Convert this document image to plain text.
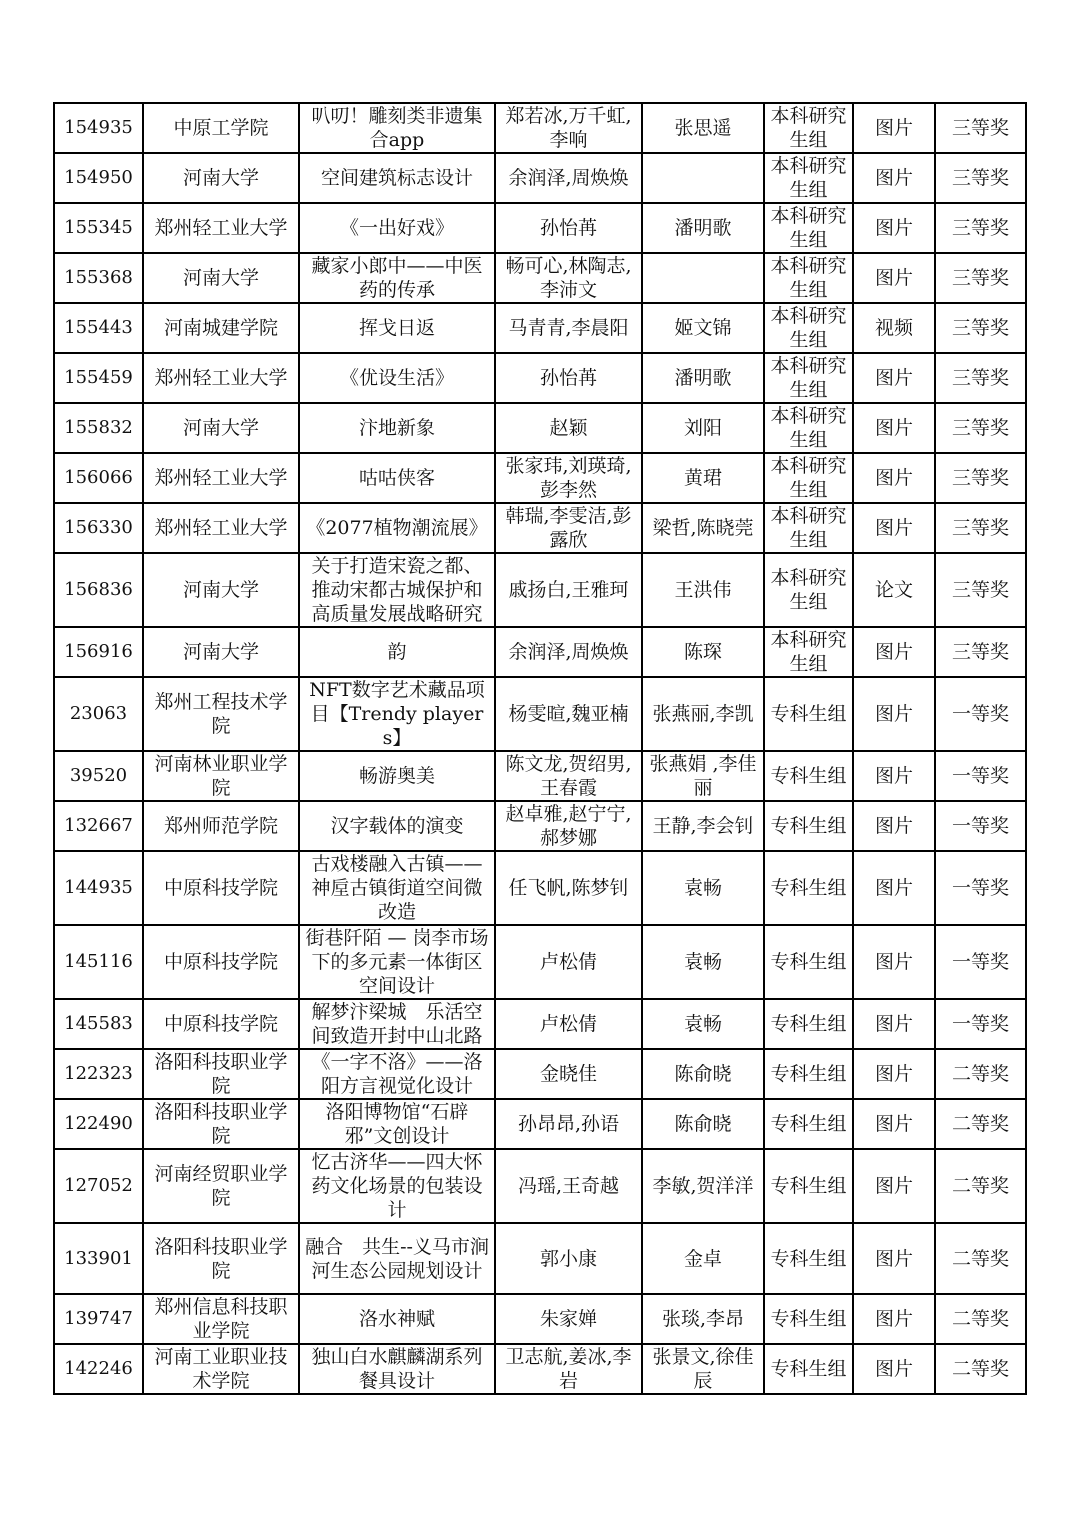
154935	中原工学院	叭叨！雕刻类非遗集合app	郑若冰,万千虹,李响	张思遥	本科研究生组	图片	三等奖
154950	河南大学	空间建筑标志设计	余润泽,周焕焕		本科研究生组	图片	三等奖
155345	郑州轻工业大学	《一出好戏》	孙怡苒	潘明歌	本科研究生组	图片	三等奖
155368	河南大学	藏家小郎中——中医药的传承	畅可心,林陶志,李沛文		本科研究生组	图片	三等奖
155443	河南城建学院	挥戈日返	马青青,李晨阳	姬文锦	本科研究生组	视频	三等奖
155459	郑州轻工业大学	《优设生活》	孙怡苒	潘明歌	本科研究生组	图片	三等奖
155832	河南大学	汴地新象	赵颖	刘阳	本科研究生组	图片	三等奖
156066	郑州轻工业大学	咕咕侠客	张家玮,刘瑛琦,彭李然	黄珺	本科研究生组	图片	三等奖
156330	郑州轻工业大学	《2077植物潮流展》	韩瑞,李雯洁,彭露欣	梁哲,陈晓莞	本科研究生组	图片	三等奖
156836	河南大学	关于打造宋瓷之都、推动宋都古城保护和高质量发展战略研究	戚扬白,王雅珂	王洪伟	本科研究生组	论文	三等奖
156916	河南大学	韵	余润泽,周焕焕	陈琛	本科研究生组	图片	三等奖
23063	郑州工程技术学院	NFT数字艺术藏品项目【Trendy players】	杨雯暄,魏亚楠	张燕丽,李凯	专科生组	图片	一等奖
39520	河南林业职业学院	畅游奥美	陈文龙,贺绍男,王春霞	张燕娟 ,李佳丽	专科生组	图片	一等奖
132667	郑州师范学院	汉字载体的演变	赵卓雅,赵宁宁,郝梦娜	王静,李会钊	专科生组	图片	一等奖
144935	中原科技学院	古戏楼融入古镇——神垕古镇街道空间微改造	任飞帆,陈梦钊	袁畅	专科生组	图片	一等奖
145116	中原科技学院	街巷阡陌 — 岗李市场下的多元素一体街区空间设计	卢松倩	袁畅	专科生组	图片	一等奖
145583	中原科技学院	解梦汴梁城　乐活空间致造开封中山北路	卢松倩	袁畅	专科生组	图片	一等奖
122323	洛阳科技职业学院	《一字不洛》——洛阳方言视觉化设计	金晓佳	陈俞晓	专科生组	图片	二等奖
122490	洛阳科技职业学院	洛阳博物馆“石辟邪”文创设计	孙昂昂,孙语	陈俞晓	专科生组	图片	二等奖
127052	河南经贸职业学院	忆古济华——四大怀药文化场景的包装设计	冯瑶,王奇越	李敏,贺洋洋	专科生组	图片	二等奖
133901	洛阳科技职业学院	融合　共生--义马市涧河生态公园规划设计	郭小康	金卓	专科生组	图片	二等奖
139747	郑州信息科技职业学院	洛水神赋	朱家婵	张琰,李昂	专科生组	图片	二等奖
142246	河南工业职业技术学院	独山白水麒麟湖系列餐具设计	卫志航,姜冰,李岩	张景文,徐佳辰	专科生组	图片	二等奖
